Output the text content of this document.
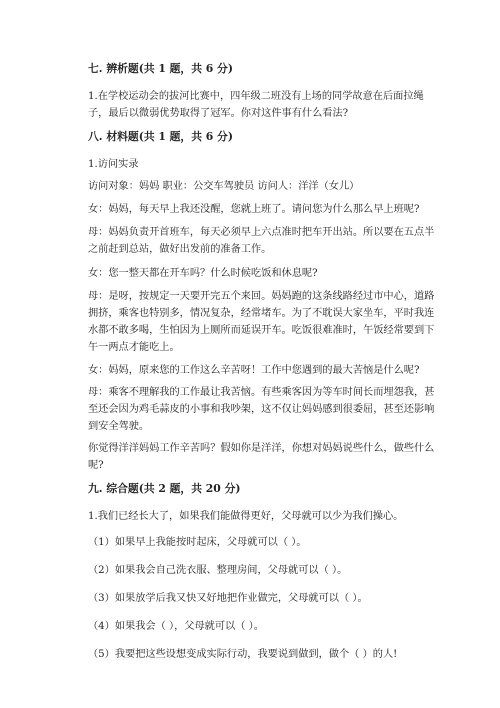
七. 辨析题(共 1 题，共 6 分)
1.在学校运动会的拔河比赛中，四年级二班没有上场的同学故意在后面拉绳
子，最后以微弱优势取得了冠军。你对这件事有什么看法?
八. 材料题(共 1 题，共 6 分)
1.访问实录
访问对象：妈妈 职业：公交车驾驶员 访问人：洋洋（女儿）
女：妈妈，每天早上我还没醒，您就上班了。请问您为什么那么早上班呢?
母：妈妈负责开首班车，每天必须早上六点准时把车开出站。所以要在五点半
之前赶到总站，做好出发前的准备工作。
女：您一整天都在开车吗？什么时候吃饭和休息呢?
母：是呀，按规定一天要开完五个来回。妈妈跑的这条线路经过市中心，道路
拥挤，乘客也特别多，情况复杂，经常堵车。为了不耽误大家坐车，平时我连
水都不敢多喝，生怕因为上厕所而延误开车。吃饭很难准时，午饭经常要到下
午一两点才能吃上。
女：妈妈，原来您的工作这么辛苦呀！工作中您遇到的最大苦恼是什么呢?
母：乘客不理解我的工作最让我苦恼。有些乘客因为等车时间长而埋怨我，甚
至还会因为鸡毛蒜皮的小事和我吵架，这不仅让妈妈感到很委屈，甚至还影响
到安全驾驶。
你觉得洋洋妈妈工作辛苦吗？假如你是洋洋，你想对妈妈说些什么，做些什么
呢?
九. 综合题(共 2 题，共 20 分)
1.我们已经长大了，如果我们能做得更好，父母就可以少为我们操心。
（1）如果早上我能按时起床，父母就可以（ ）。
（2）如果我会自己洗衣服、整理房间，父母就可以（ ）。
（3）如果放学后我又快又好地把作业做完，父母就可以（ ）。
（4）如果我会（ ），父母就可以（ ）。
（5）我要把这些设想变成实际行动，我要说到做到，做个（ ）的人!
